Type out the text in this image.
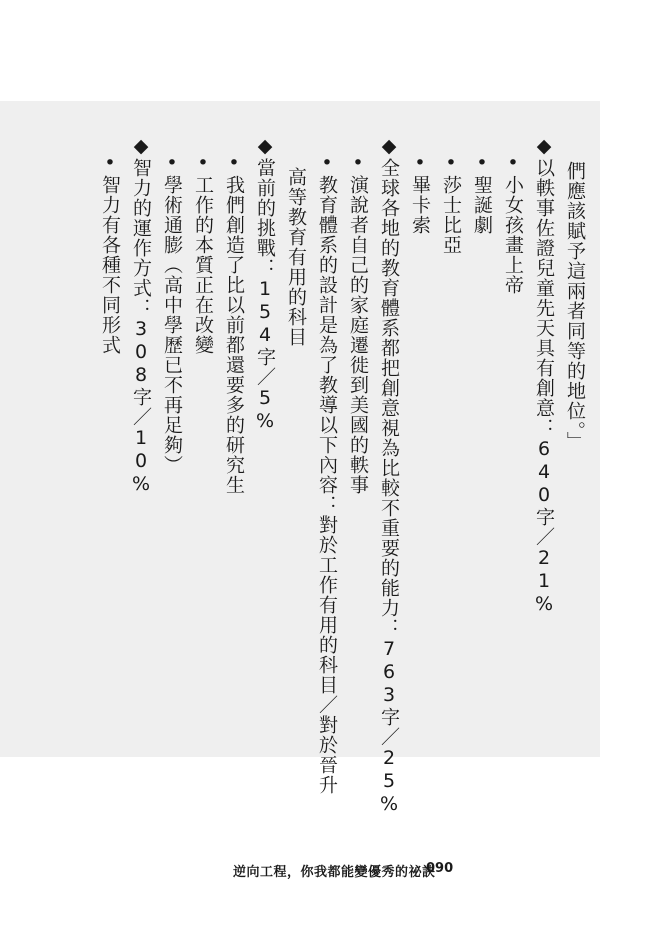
們應該賦予這兩者同等的地位。」
◆以軼事佐證兒童先天具有創意：640字／21%
•小女孩畫上帝
•聖誕劇
•莎士比亞
•畢卡索
◆全球各地的教育體系都把創意視為比較不重要的能力：763字／25%
•演說者自己的家庭遷徙到美國的軼事
•教育體系的設計是為了教導以下內容：對於工作有用的科目／對於晉升
高等教育有用的科目
◆當前的挑戰：154字／5%
•我們創造了比以前都還要多的研究生
•工作的本質正在改變
•學術通膨（高中學歷已不再足夠）
◆智力的運作方式：308字／10%
•智力有各種不同形式
逆向工程，你我都能變優秀的祕訣
090
